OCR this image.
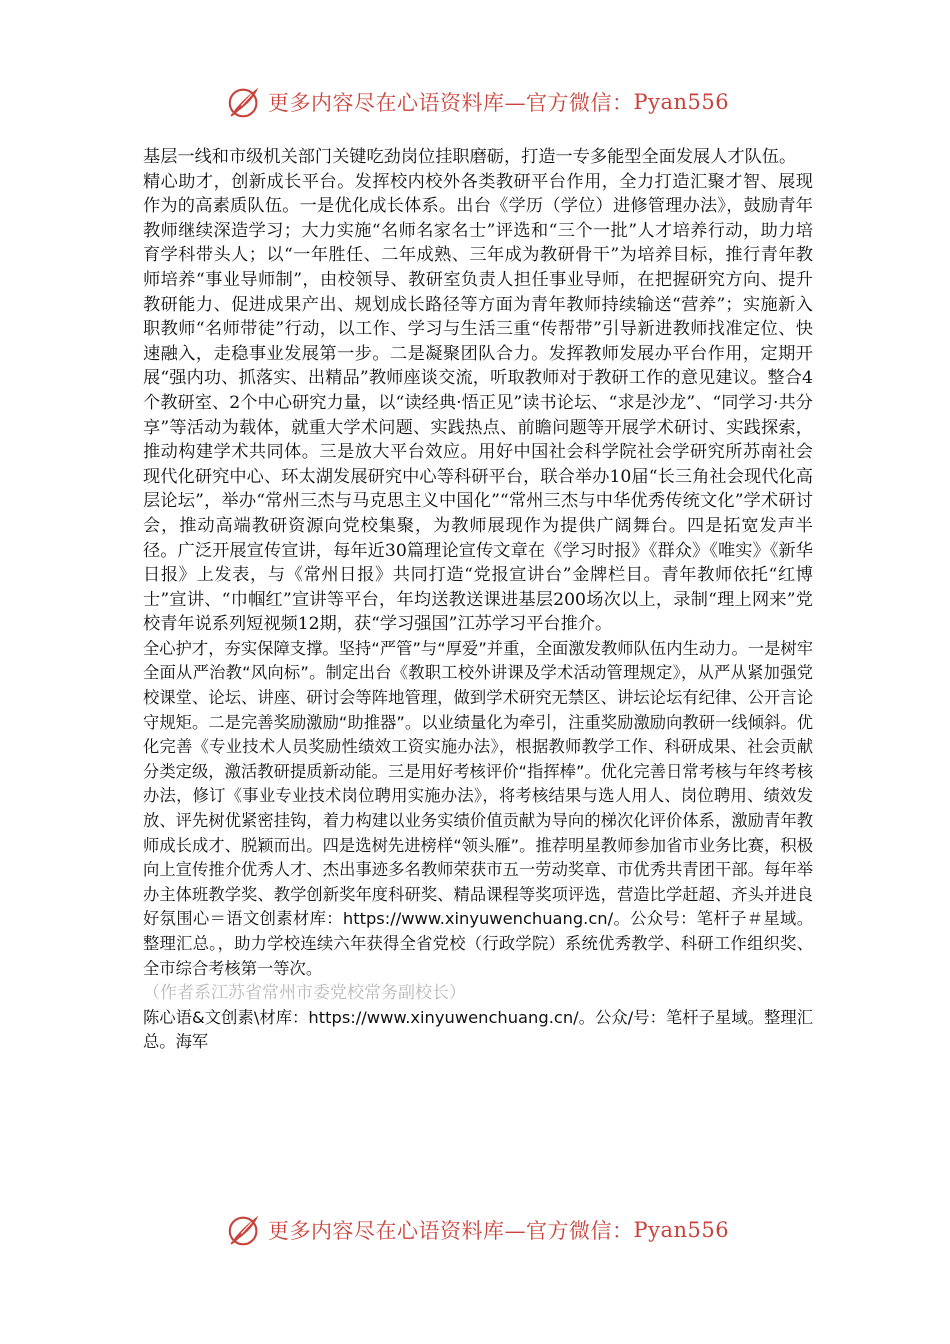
更多内容尽在心语资料库—官方微信： Pyan556

基层一线和市级机关部门关键吃劲岗位挂职磨砺，打造一专多能型全面发展人才队伍。

精心助才，创新成长平台。发挥校内校外各类教研平台作用，全力打造汇聚才智、展现作为的高素质队伍。一是优化成长体系。出台《学历（学位）进修管理办法》，鼓励青年教师继续深造学习；大力实施“名师名家名士”评选和“三个一批”人才培养行动，助力培育学科带头人；以“一年胜任、二年成熟、三年成为教研骨干”为培养目标，推行青年教师培养“事业导师制”，由校领导、教研室负责人担任事业导师，在把握研究方向、提升教研能力、促进成果产出、规划成长路径等方面为青年教师持续输送“营养”；实施新入职教师“名师带徒”行动，以工作、学习与生活三重“传帮带”引导新进教师找准定位、快速融入，走稳事业发展第一步。二是凝聚团队合力。发挥教师发展办平台作用，定期开展“强内功、抓落实、出精品”教师座谈交流，听取教师对于教研工作的意见建议。整合4个教研室、2个中心研究力量，以“读经典·悟正见”读书论坛、“求是沙龙”、“同学习·共分享”等活动为载体，就重大学术问题、实践热点、前瞻问题等开展学术研讨、实践探索，推动构建学术共同体。三是放大平台效应。用好中国社会科学院社会学研究所苏南社会现代化研究中心、环太湖发展研究中心等科研平台，联合举办10届“长三角社会现代化高层论坛”，举办“常州三杰与马克思主义中国化”“常州三杰与中华优秀传统文化”学术研讨会，推动高端教研资源向党校集聚，为教师展现作为提供广阔舞台。四是拓宽发声半径。广泛开展宣传宣讲，每年近30篇理论宣传文章在《学习时报》《群众》《唯实》《新华日报》上发表，与《常州日报》共同打造“党报宣讲台”金牌栏目。青年教师依托“红博士”宣讲、“巾帼红”宣讲等平台，年均送教送课进基层200场次以上，录制“理上网来”党校青年说系列短视频12期，获“学习强国”江苏学习平台推介。

全心护才，夯实保障支撑。坚持“严管”与“厚爱”并重，全面激发教师队伍内生动力。一是树牢全面从严治教“风向标”。制定出台《教职工校外讲课及学术活动管理规定》，从严从紧加强党校课堂、论坛、讲座、研讨会等阵地管理，做到学术研究无禁区、讲坛论坛有纪律、公开言论守规矩。二是完善奖励激励“助推器”。以业绩量化为牵引，注重奖励激励向教研一线倾斜。优化完善《专业技术人员奖励性绩效工资实施办法》，根据教师教学工作、科研成果、社会贡献分类定级，激活教研提质新动能。三是用好考核评价“指挥棒”。优化完善日常考核与年终考核办法，修订《事业专业技术岗位聘用实施办法》，将考核结果与选人用人、岗位聘用、绩效发放、评先树优紧密挂钩，着力构建以业务实绩价值贡献为导向的梯次化评价体系，激励青年教师成长成才、脱颖而出。四是选树先进榜样“领头雁”。推荐明星教师参加省市业务比赛，积极向上宣传推介优秀人才、杰出事迹多名教师荣获市五一劳动奖章、市优秀共青团干部。每年举办主体班教学奖、教学创新奖年度科研奖、精品课程等奖项评选，营造比学赶超、齐头并进良好氛围心＝语文创素材库：https://www.xinyuwenchuang.cn/。公众号：笔杆子＃星域。整理汇总。，助力学校连续六年获得全省党校（行政学院）系统优秀教学、科研工作组织奖、全市综合考核第一等次。

（作者系江苏省常州市委党校常务副校长）

陈心语&文创素\材库：https://www.xinyuwenchuang.cn/。公众/号：笔杆子星域。整理汇总。海军

更多内容尽在心语资料库—官方微信： Pyan556
